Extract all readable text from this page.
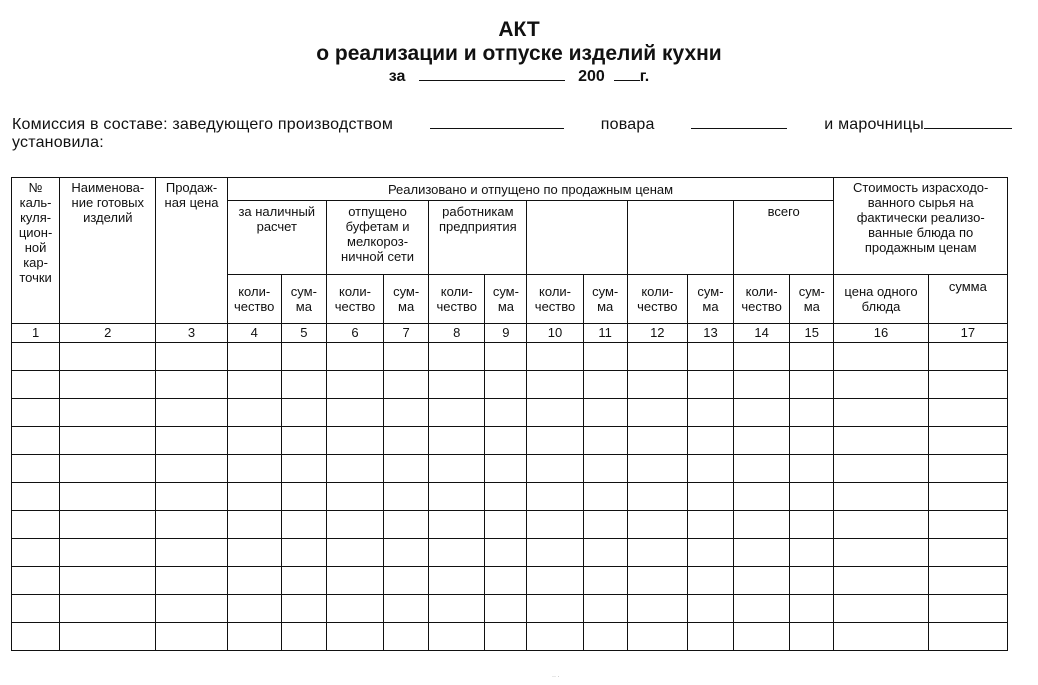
АКТ
о реализации и отпуске изделий кухни
за	200 г.
Комиссия в составе: заведующего производством	повара	и марочницы
установила:
№ каль-куля-цион-ной кар-точки	Наименова-ние готовых изделий	Продаж-ная цена	Реализовано и отпущено по продажным ценам												Стоимость израсходо-ванного сырья на фактически реализо-ванные блюда по продажным ценам	
			за наличный расчет		отпущено буфетам и мелкороз-ничной сети		работникам предприятия						всего			
			коли-чество	сум-ма	коли-чество	сум-ма	коли-чество	сум-ма	коли-чество	сум-ма	коли-чество	сум-ма	коли-чество	сум-ма	цена одного блюда	сумма
1	2	3	4	5	6	7	8	9	10	11	12	13	14	15	16	17

·· ·
